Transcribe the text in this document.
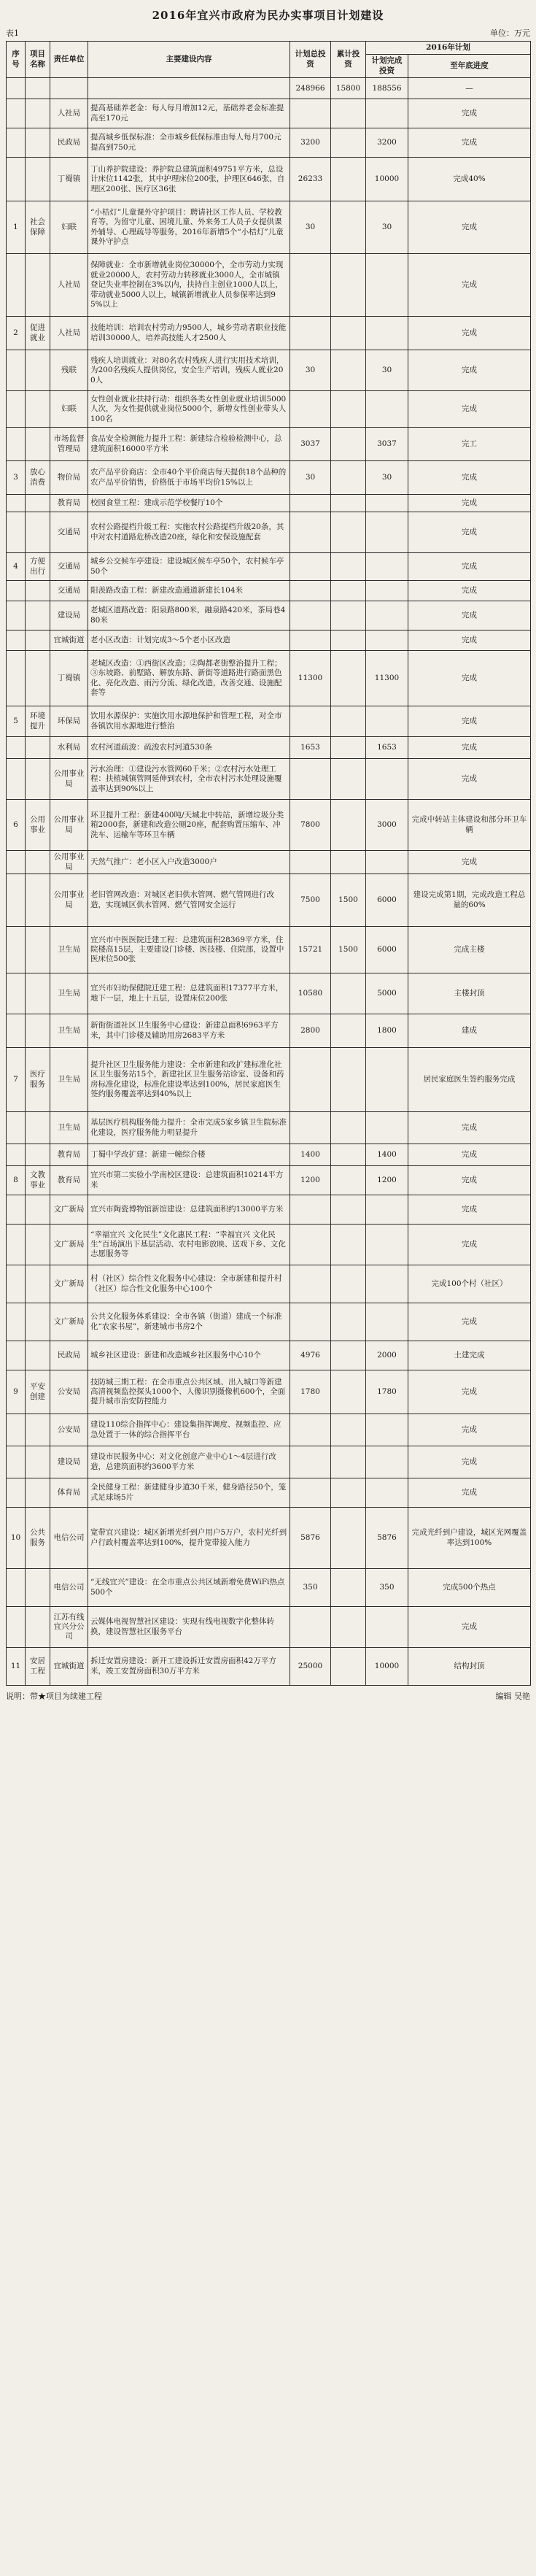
2016年宜兴市政府为民办实事项目计划建设
表1	单位：万元
序号	项目名称	责任单位	主要建设内容	计划总投资	累计投资	2016年计划	
						计划完成投资	至年底进度
				248966	15800	188556	—
		人社局	提高基础养老金：每人每月增加12元，基础养老金标准提高至170元				完成
		民政局	提高城乡低保标准：全市城乡低保标准由每人每月700元提高到750元	3200		3200	完成
		丁蜀镇	丁山养护院建设：养护院总建筑面积49751平方米，总设计床位1142张，其中护理床位200张，护理区646张，自理区200张、医疗区36张	26233		10000	完成40%
1	社会保障	妇联	“小桔灯”儿童课外守护项目：聘请社区工作人员、学校教育等，为留守儿童、困境儿童、外来务工人员子女提供课外辅导、心理疏导等服务，2016年新增5个“小桔灯”儿童课外守护点	30		30	完成
		人社局	保障就业：全市新增就业岗位30000个，全市劳动力实现就业20000人，农村劳动力转移就业3000人，全市城镇登记失业率控制在3%以内，扶持自主创业1000人以上，带动就业5000人以上，城镇新增就业人员参保率达到95%以上				完成
2	促进就业	人社局	技能培训：培训农村劳动力9500人，城乡劳动者职业技能培训30000人，培养高技能人才2500人				完成
		残联	残疾人培训就业：对80名农村残疾人进行实用技术培训，为200名残疾人提供岗位，安全生产培训，残疾人就业200人	30		30	完成
		妇联	女性创业就业扶持行动：组织各类女性创业就业培训5000人次，为女性提供就业岗位5000个，新增女性创业带头人100名				完成
		市场监督管理局	食品安全检测能力提升工程：新建综合检验检测中心，总建筑面积16000平方米	3037		3037	完工
3	放心消费	物价局	农产品平价商店：全市40个平价商店每天提供18个品种的农产品平价销售，价格低于市场平均价15%以上	30		30	完成
		教育局	校园食堂工程：建成示范学校餐厅10个				完成
		交通局	农村公路提档升级工程：实施农村公路提档升级20条，其中对农村道路危桥改造20座，绿化和安保设施配套				完成
4	方便出行	交通局	城乡公交候车亭建设：建设城区候车亭50个，农村候车亭50个				完成
		交通局	阳羡路改造工程：新建改造通道新建长104米				完成
		建设局	老城区道路改造：阳泉路800米，融泉路420米，茶局巷480米				完成
		宜城街道	老小区改造：计划完成3～5个老小区改造				完成
		丁蜀镇	老城区改造：①西街区改造；②陶都老街整治提升工程；③东坡路、前墅路、解放东路、新街等道路进行路面黑色化、亮化改造、雨污分流、绿化改造，改善交通、设施配套等	11300		11300	完成
5	环境提升	环保局	饮用水源保护：实施饮用水源地保护和管理工程，对全市各镇饮用水源地进行整治				完成
		水利局	农村河道疏浚：疏浚农村河道530条	1653		1653	完成
		公用事业局	污水治理：①建设污水管网60千米；②农村污水处理工程：扶植城镇管网延伸到农村，全市农村污水处理设施覆盖率达到90%以上				完成
6	公用事业	公用事业局	环卫提升工程：新建400吨/天城北中转站，新增垃圾分类箱2000套，新建和改造公厕20座，配套购置压缩车、冲洗车、运输车等环卫车辆	7800		3000	完成中转站主体建设和部分环卫车辆
		公用事业局	天然气推广：老小区入户改造3000户				完成
		公用事业局	老旧管网改造：对城区老旧供水管网、燃气管网进行改造，实现城区供水管网、燃气管网安全运行	7500	1500	6000	建设完成第1期，完成改造工程总量的60%
		卫生局	宜兴市中医医院迁建工程：总建筑面积28369平方米，住院楼高15层，主要建设门诊楼、医技楼、住院部，设置中医床位500张	15721	1500	6000	完成主楼
		卫生局	宜兴市妇幼保健院迁建工程：总建筑面积17377平方米，地下一层，地上十五层，设置床位200张	10580		5000	主楼封顶
		卫生局	新街街道社区卫生服务中心建设：新建总面积6963平方米，其中门诊楼及辅助用房2683平方米	2800		1800	建成
7	医疗服务	卫生局	提升社区卫生服务能力建设：全市新建和改扩建标准化社区卫生服务站15个，新建社区卫生服务站诊室、设备和药房标准化建设，标准化建设率达到100%，居民家庭医生签约服务覆盖率达到40%以上				居民家庭医生签约服务完成
		卫生局	基层医疗机构服务能力提升：全市完成5家乡镇卫生院标准化建设，医疗服务能力明显提升				完成
		教育局	丁蜀中学改扩建：新建一幢综合楼	1400		1400	完成
8	文教事业	教育局	宜兴市第二实验小学南校区建设：总建筑面积10214平方米	1200		1200	完成
		文广新局	宜兴市陶瓷博物馆新馆建设：总建筑面积约13000平方米				完成
		文广新局	“幸福宜兴 文化民生”文化惠民工程：“幸福宜兴 文化民生”百场演出下基层活动、农村电影放映、送戏下乡、文化志愿服务等				完成
		文广新局	村（社区）综合性文化服务中心建设：全市新建和提升村（社区）综合性文化服务中心100个				完成100个村（社区）
		文广新局	公共文化服务体系建设：全市各镇（街道）建成一个标准化“农家书屋”，新建城市书房2个				完成
		民政局	城乡社区建设：新建和改造城乡社区服务中心10个	4976		2000	土建完成
9	平安创建	公安局	技防城三期工程：在全市重点公共区域、出入城口等新建高清视频监控探头1000个、人像识别摄像机600个，全面提升城市治安防控能力	1780		1780	完成
		公安局	建设110综合指挥中心：建设集指挥调度、视频监控、应急处置于一体的综合指挥平台				完成
		建设局	建设市民服务中心：对文化创意产业中心1～4层进行改造，总建筑面积约3600平方米				完成
		体育局	全民健身工程：新建健身步道30千米，健身路径50个，笼式足球场5片				完成
10	公共服务	电信公司	宽带宜兴建设：城区新增光纤到户用户5万户，农村光纤到户行政村覆盖率达到100%，提升宽带接入能力	5876		5876	完成光纤到户建设，城区光网覆盖率达到100%
		电信公司	“无线宜兴”建设：在全市重点公共区域新增免费WiFi热点500个	350		350	完成500个热点
		江苏有线宜兴分公司	云媒体电视智慧社区建设：实现有线电视数字化整体转换，建设智慧社区服务平台				完成
11	安居工程	宜城街道	拆迁安置房建设：新开工建设拆迁安置房面积42万平方米，竣工安置房面积30万平方米	25000		10000	结构封顶
说明：带★项目为续建工程	编辑 吴艳
